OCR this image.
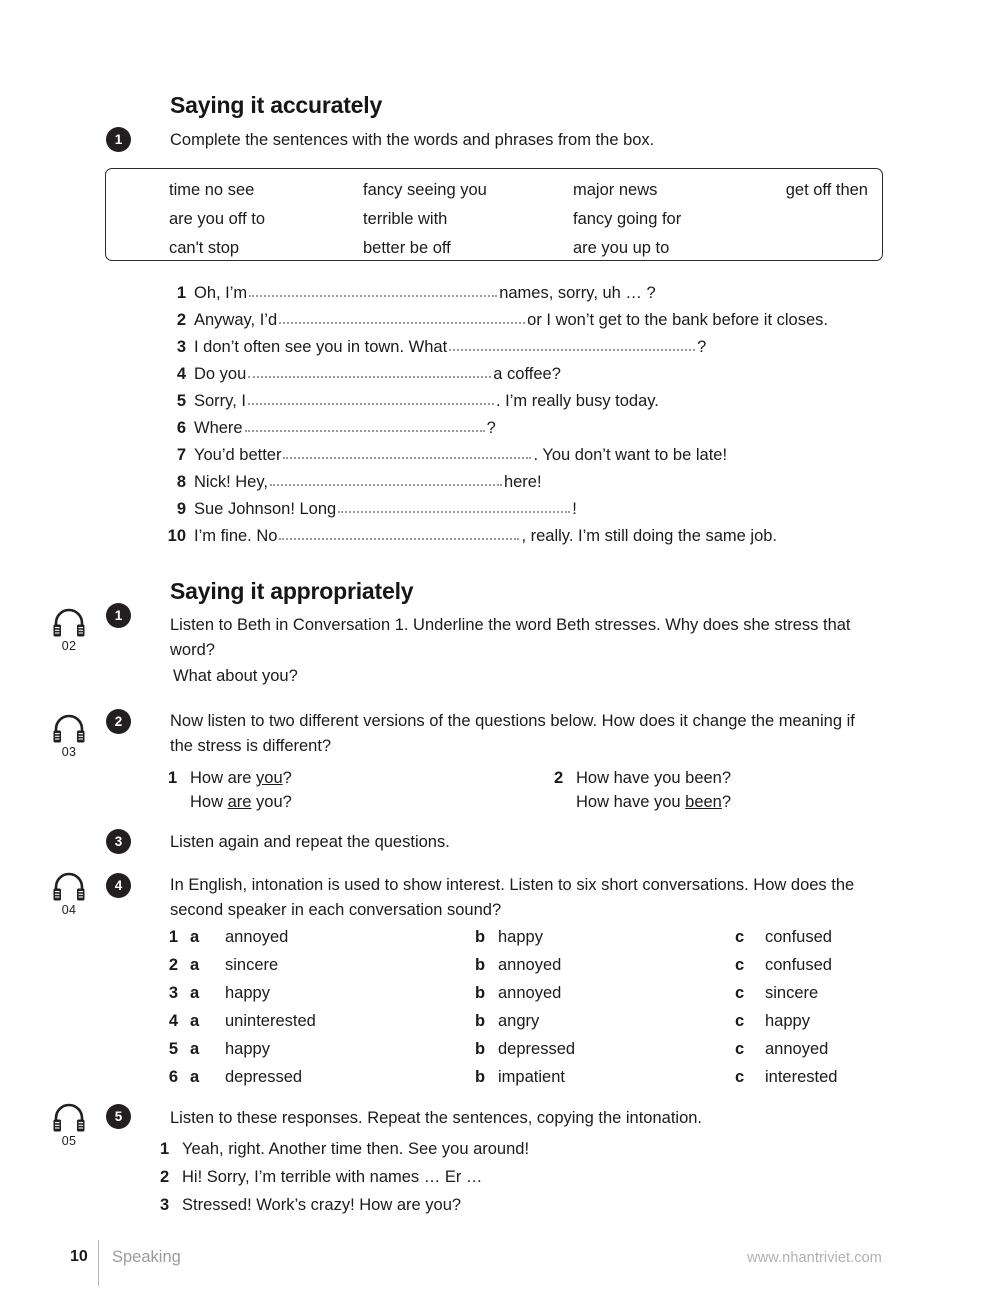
Saying it accurately
1	Complete the sentences with the words and phrases from the box.
time no see	fancy seeing you	major news	get off then
are you off to	terrible with	fancy going for
can't stop	better be off	are you up to
1 Oh, I’m	names, sorry, uh … ?
2 Anyway, I’d	or I won’t get to the bank before it closes.
3 I don’t often see you in town. What	?
4 Do you	a coffee?
5 Sorry, I	. I’m really busy today.
6 Where	?
7 You’d better	. You don’t want to be late!
8 Nick! Hey,	here!
9 Sue Johnson! Long	!
10 I’m fine. No	, really. I’m still doing the same job.
Saying it appropriately
02
1
Listen to Beth in Conversation 1. Underline the word Beth stresses. Why does she stress that word?
What about you?
03
2	Now listen to two different versions of the questions below. How does it change the meaning if the stress is different?
1 How are you?
How are you?
2 How have you been?
How have you been?
3	Listen again and repeat the questions.
04
4	In English, intonation is used to show interest. Listen to six short conversations. How does the second speaker in each conversation sound?
1 a annoyed	b happy	c confused
2 a sincere	b annoyed	c confused
3 a happy	b annoyed	c sincere
4 a uninterested	b angry	c happy
5 a happy	b depressed	c annoyed
6 a depressed	b impatient	c interested
05
5	Listen to these responses. Repeat the sentences, copying the intonation.
1 Yeah, right. Another time then. See you around!
2 Hi! Sorry, I’m terrible with names … Er …
3 Stressed! Work’s crazy! How are you?
10 Speaking	www.nhantriviet.com
